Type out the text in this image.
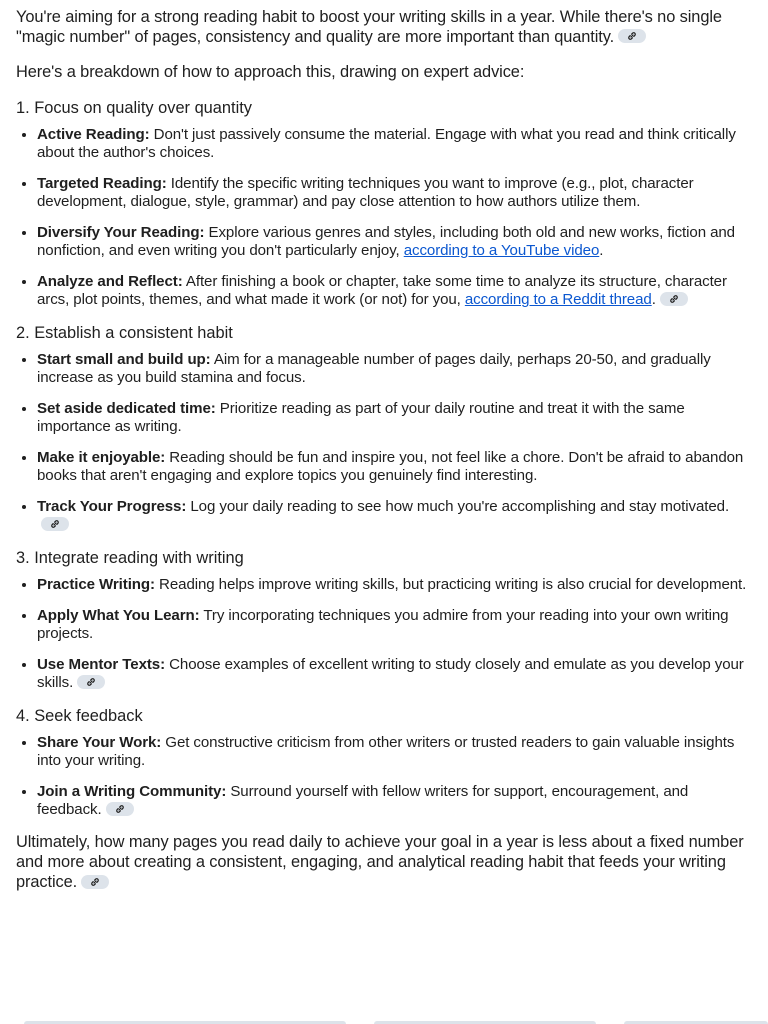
You're aiming for a strong reading habit to boost your writing skills in a year. While there's no single "magic number" of pages, consistency and quality are more important than quantity.

Here's a breakdown of how to approach this, drawing on expert advice:

1. Focus on quality over quantity
• Active Reading: Don't just passively consume the material. Engage with what you read and think critically about the author's choices.
• Targeted Reading: Identify the specific writing techniques you want to improve (e.g., plot, character development, dialogue, style, grammar) and pay close attention to how authors utilize them.
• Diversify Your Reading: Explore various genres and styles, including both old and new works, fiction and nonfiction, and even writing you don't particularly enjoy, according to a YouTube video.
• Analyze and Reflect: After finishing a book or chapter, take some time to analyze its structure, character arcs, plot points, themes, and what made it work (or not) for you, according to a Reddit thread.
2. Establish a consistent habit
• Start small and build up: Aim for a manageable number of pages daily, perhaps 20-50, and gradually increase as you build stamina and focus.
• Set aside dedicated time: Prioritize reading as part of your daily routine and treat it with the same importance as writing.
• Make it enjoyable: Reading should be fun and inspire you, not feel like a chore. Don't be afraid to abandon books that aren't engaging and explore topics you genuinely find interesting.
• Track Your Progress: Log your daily reading to see how much you're accomplishing and stay motivated.
3. Integrate reading with writing
• Practice Writing: Reading helps improve writing skills, but practicing writing is also crucial for development.
• Apply What You Learn: Try incorporating techniques you admire from your reading into your own writing projects.
• Use Mentor Texts: Choose examples of excellent writing to study closely and emulate as you develop your skills.
4. Seek feedback
• Share Your Work: Get constructive criticism from other writers or trusted readers to gain valuable insights into your writing.
• Join a Writing Community: Surround yourself with fellow writers for support, encouragement, and feedback.

Ultimately, how many pages you read daily to achieve your goal in a year is less about a fixed number and more about creating a consistent, engaging, and analytical reading habit that feeds your writing practice.
